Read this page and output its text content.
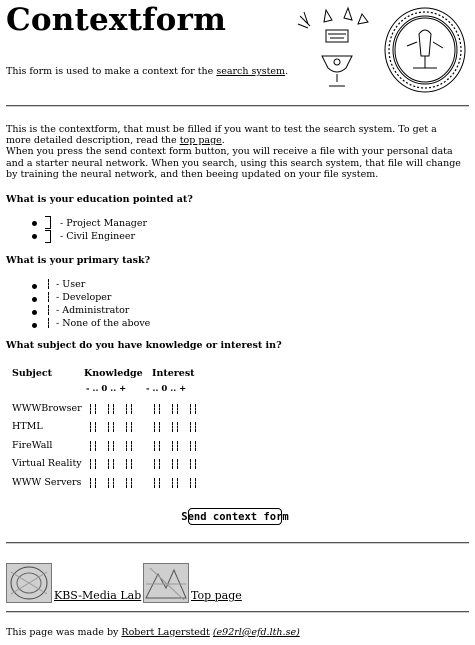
Contextform
This form is used to make a context for the search system.
This is the contextform, that must be filled if you want to test the search system. To get a more detailed description, read the top page.
When you press the send context form button, you will receive a file with your personal data and a starter neural network. When you search, using this search system, that file will change by training the neural network, and then beeing updated on your file system.
What is your education pointed at?
- Project Manager
- Civil Engineer
What is your primary task?
- User
- Developer
- Administrator
- None of the above
What subject do you have knowledge or interest in?
Subject	Knowledge Interest
- .. 0 .. + - .. 0 .. +
WWWBrowser
HTML
FireWall
Virtual Reality
WWW Servers
Send context form
KBS-Media Lab	Top page
This page was made by Robert Lagerstedt (e92rl@efd.lth.se)
